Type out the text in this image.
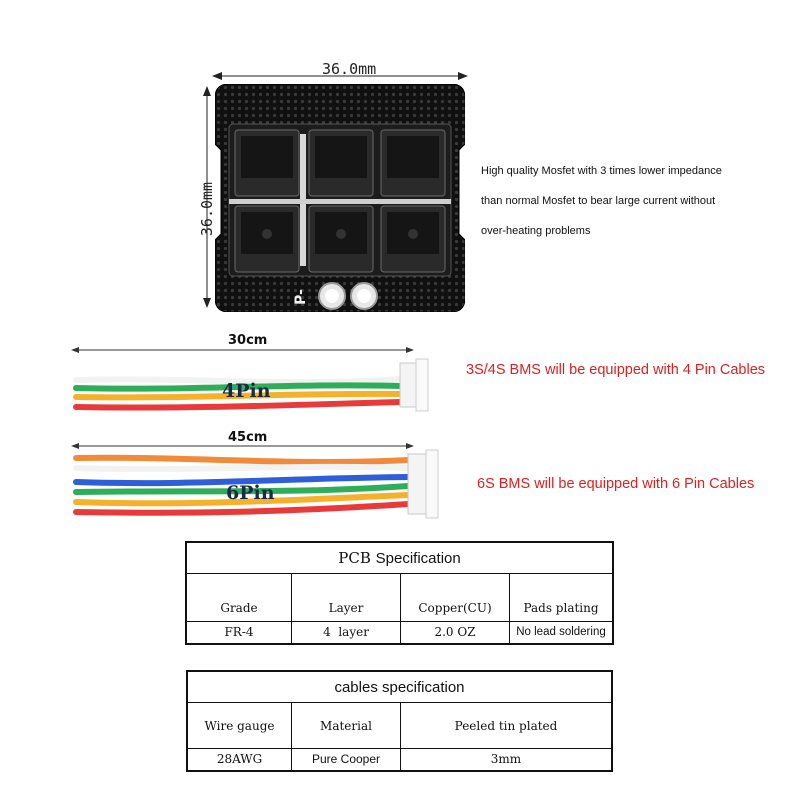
36.0mm
36.0mm
P-
High quality Mosfet with 3 times lower impedance
than normal Mosfet to bear large current without
over-heating problems
30cm
4Pin
3S/4S BMS will be equipped with 4 Pin Cables
45cm
6Pin	6S BMS will be equipped with 6 Pin Cables
PCB Specification			
Grade	Layer	Copper(CU)	Pads plating
FR-4	4  layer	2.0 OZ	No lead soldering
cables specification		
Wire gauge	Material	Peeled tin plated
28AWG	Pure Cooper	3mm
